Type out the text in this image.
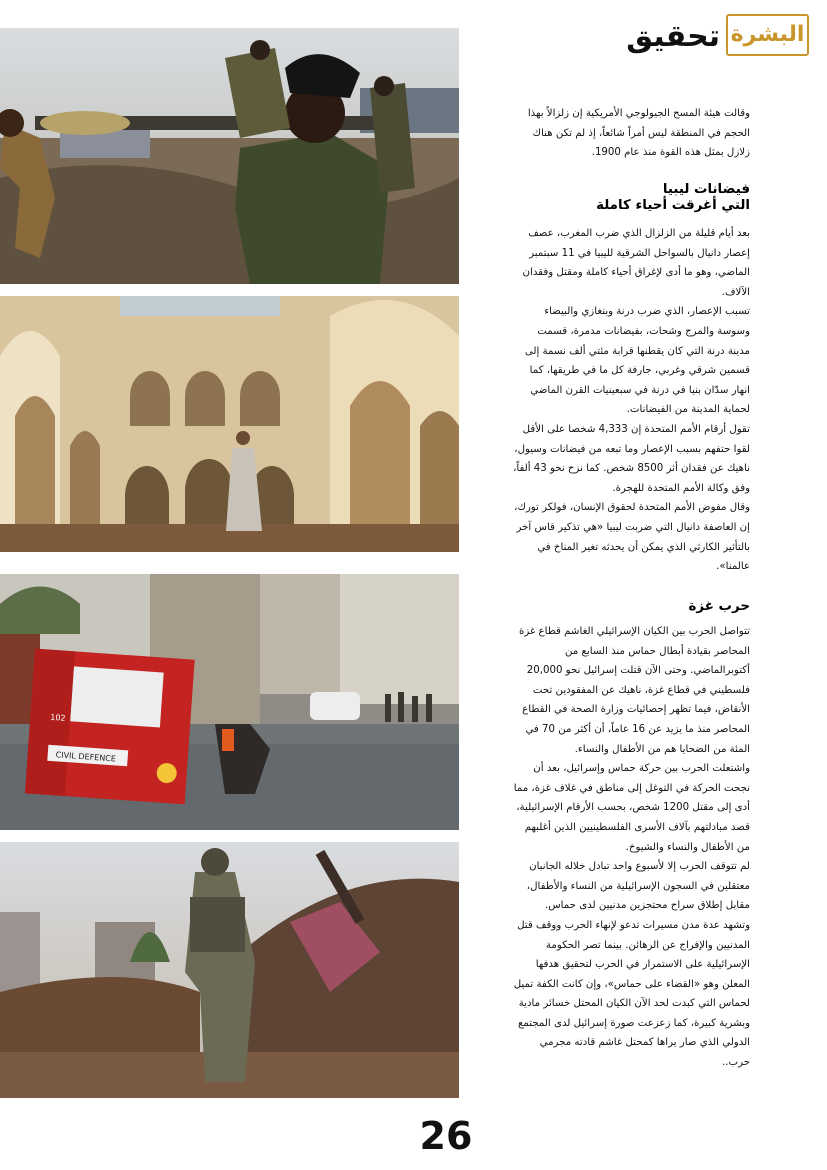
البشرة
تحقيق
CIVIL DEFENCE
102

وقالت هيئة المسح الجيولوجي الأمريكية إن زلزالاً بهذا الحجم في المنطقة ليس أمراً شائعاً، إذ لم تكن هناك زلازل بمثل هذه القوة منذ عام 1900.

فيضانات ليبيا
التي أغرقت أحياء كاملة

بعد أيام قليلة من الزلزال الذي ضرب المغرب، عصف إعصار دانيال بالسواحل الشرقية لليبيا في 11 سبتمبر الماضي، وهو ما أدى لإغراق أحياء كاملة ومقتل وفقدان الآلاف.

تسبب الإعصار، الذي ضرب درنة وبنغازي والبيضاء وسوسة والمرج وشحات، بفيضانات مدمرة، قسمت مدينة درنة التي كان يقطنها قرابة مئتي ألف نسمة إلى قسمين شرقي وغربي، جارفة كل ما في طريقها، كما انهار سدّان بنيا في درنة في سبعينيات القرن الماضي لحماية المدينة من الفيضانات.

تقول أرقام الأمم المتحدة إن 4,333 شخصا على الأقل لقوا حتفهم بسبب الإعصار وما تبعه من فيضانات وسيول، ناهيك عن فقدان أثر 8500 شخص. كما نزح نحو 43 ألفاً، وفق وكالة الأمم المتحدة للهجرة.

وقال مفوض الأمم المتحدة لحقوق الإنسان، فولكر تورك، إن العاصفة دانيال التي ضربت ليبيا «هي تذكير قاس آخر بالتأثير الكارثي الذي يمكن أن يحدثه تغير المناخ في عالمنا».

حرب غزة

تتواصل الحرب بين الكيان الإسرائيلي الغاشم قطاع غزة المحاصر بقيادة أبطال حماس منذ السابع من أكتوبرالماضي. وحتى الآن قتلت إسرائيل نحو 20,000 فلسطيني في قطاع غزة، ناهيك عن المفقودين تحت الأنقاض، فيما تظهر إحصائيات وزارة الصحة في القطاع المحاصر منذ ما يزيد عن 16 عاماً، أن أكثر من 70 في المئة من الضحايا هم من الأطفال والنساء.

واشتعلت الحرب بين حركة حماس وإسرائيل، بعد أن نجحت الحركة في التوغل إلى مناطق في غلاف غزة، مما أدى إلى مقتل 1200 شخص، بحسب الأرقام الإسرائيلية، قصد مبادلتهم بآلاف الأسرى الفلسطينيين الذين أغلبهم من الأطفال والنساء والشيوخ.

لم تتوقف الحرب إلا لأسبوع واحد تبادل خلاله الجانبان معتقلين في السجون الإسرائيلية من النساء والأطفال، مقابل إطلاق سراح محتجزين مدنيين لدى حماس.

وتشهد عدة مدن مسيرات تدعو لإنهاء الحرب ووقف قتل المدنيين والإفراج عن الرهائن. بينما تصر الحكومة الإسرائيلية على الاستمرار في الحرب لتحقيق هدفها المعلن وهو «القضاء على حماس»، وإن كانت الكفة تميل لحماس التي كبدت لحد الآن الكيان المحتل خسائر مادية وبشرية كبيرة، كما زعزعت صورة إسرائيل لدى المجتمع الدولي الذي صار يراها كمحتل غاشم قادته مجرمي حرب..

26
